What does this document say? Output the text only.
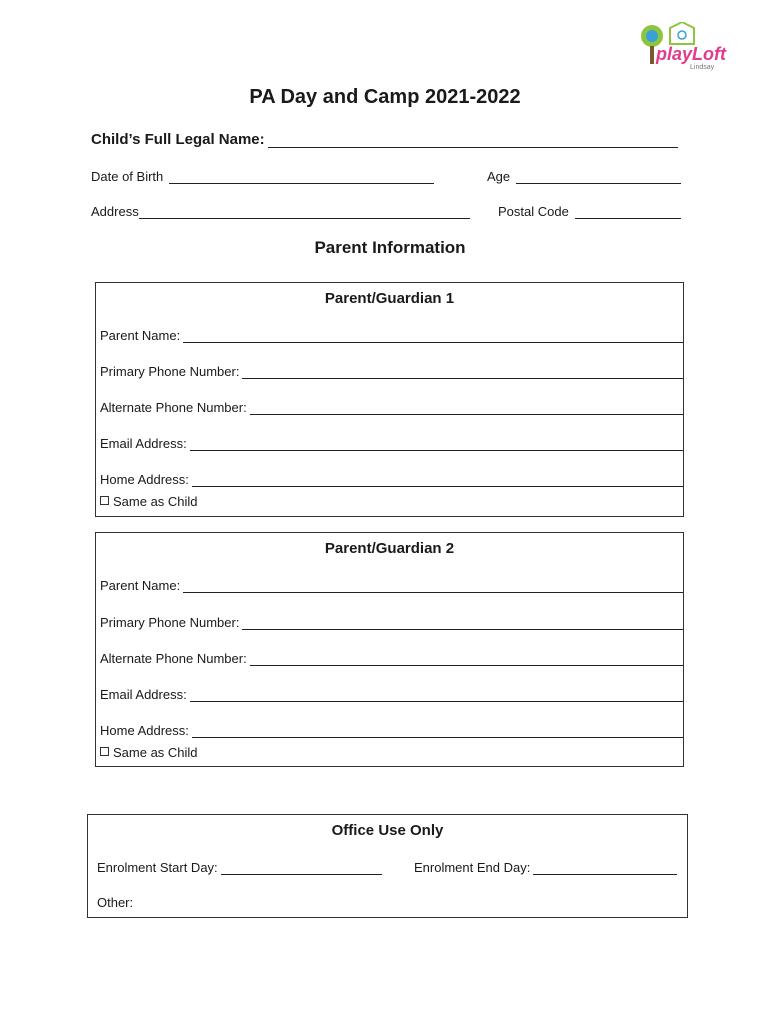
playLoft
Lindsay
PA Day and Camp 2021-2022
Child’s Full Legal Name:
Date of Birth	Age
Address	Postal Code
Parent Information
Parent/Guardian 1
Parent Name:
Primary Phone Number:
Alternate Phone Number:
Email Address:
Home Address:
Same as Child
Parent/Guardian 2
Parent Name:
Primary Phone Number:
Alternate Phone Number:
Email Address:
Home Address:
Same as Child
Office Use Only
Enrolment Start Day:	Enrolment End Day:
Other:
